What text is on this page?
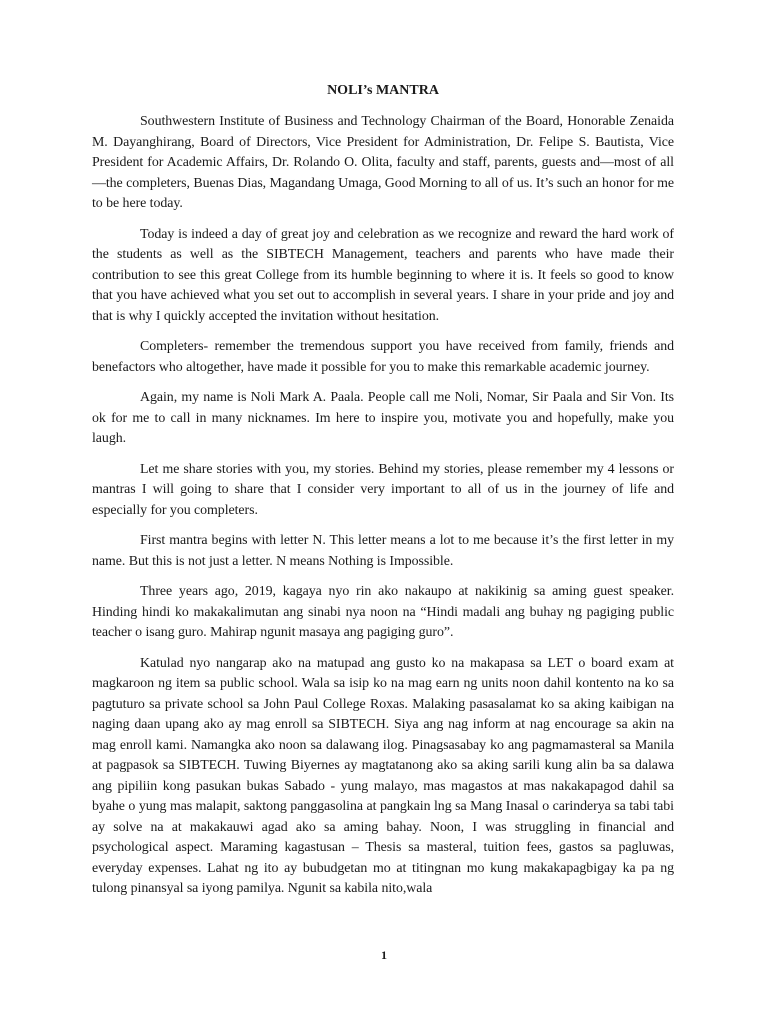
NOLI’s MANTRA

Southwestern Institute of Business and Technology Chairman of the Board, Honorable Zenaida M. Dayanghirang, Board of Directors, Vice President for Administration, Dr. Felipe S. Bautista, Vice President for Academic Affairs, Dr. Rolando O. Olita, faculty and staff, parents, guests and—most of all—the completers, Buenas Dias, Magandang Umaga, Good Morning to all of us. It’s such an honor for me to be here today.

Today is indeed a day of great joy and celebration as we recognize and reward the hard work of the students as well as the SIBTECH Management, teachers and parents who have made their contribution to see this great College from its humble beginning to where it is. It feels so good to know that you have achieved what you set out to accomplish in several years. I share in your pride and joy and that is why I quickly accepted the invitation without hesitation.

Completers- remember the tremendous support you have received from family, friends and benefactors who altogether, have made it possible for you to make this remarkable academic journey.

Again, my name is Noli Mark A. Paala. People call me Noli, Nomar, Sir Paala and Sir Von. Its ok for me to call in many nicknames. Im here to inspire you, motivate you and hopefully, make you laugh.

Let me share stories with you, my stories. Behind my stories, please remember my 4 lessons or mantras I will going to share that I consider very important to all of us in the journey of life and especially for you completers.

First mantra begins with letter N. This letter means a lot to me because it’s the first letter in my name. But this is not just a letter. N means Nothing is Impossible.

Three years ago, 2019, kagaya nyo rin ako nakaupo at nakikinig sa aming guest speaker. Hinding hindi ko makakalimutan ang sinabi nya noon na “Hindi madali ang buhay ng pagiging public teacher o isang guro. Mahirap ngunit masaya ang pagiging guro”.

Katulad nyo nangarap ako na matupad ang gusto ko na makapasa sa LET o board exam at magkaroon ng item sa public school. Wala sa isip ko na mag earn ng units noon dahil kontento na ko sa pagtuturo sa private school sa John Paul College Roxas. Malaking pasasalamat ko sa aking kaibigan na naging daan upang ako ay mag enroll sa SIBTECH. Siya ang nag inform at nag encourage sa akin na mag enroll kami. Namangka ako noon sa dalawang ilog. Pinagsasabay ko ang pagmamasteral sa Manila at pagpasok sa SIBTECH. Tuwing Biyernes ay magtatanong ako sa aking sarili kung alin ba sa dalawa ang pipiliin kong pasukan bukas Sabado - yung malayo, mas magastos at mas nakakapagod dahil sa byahe o yung mas malapit, saktong panggasolina at pangkain lng sa Mang Inasal o carinderya sa tabi tabi ay solve na at makakauwi agad ako sa aming bahay. Noon, I was struggling in financial and psychological aspect. Maraming kagastusan – Thesis sa masteral, tuition fees, gastos sa pagluwas, everyday expenses. Lahat ng ito ay bubudgetan mo at titingnan mo kung makakapagbigay ka pa ng tulong pinansyal sa iyong pamilya. Ngunit sa kabila nito,wala

1
